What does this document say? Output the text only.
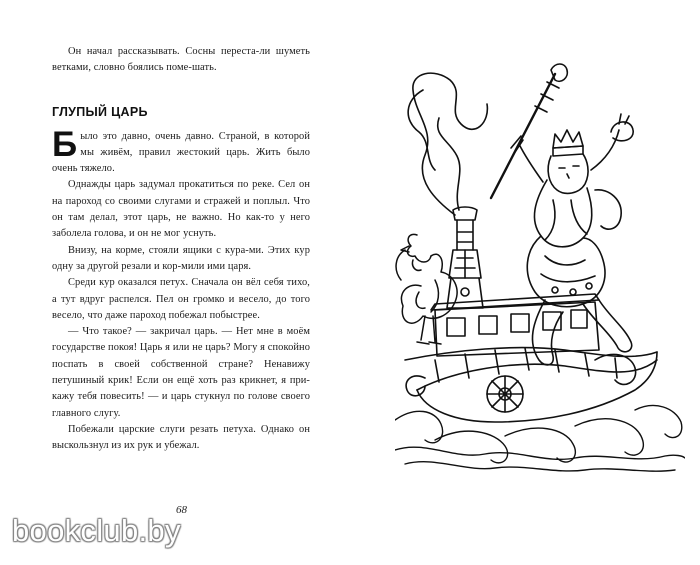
Он начал рассказывать. Сосны переста-ли шуметь ветками, словно боялись поме-шать.

ГЛУПЫЙ ЦАРЬ

Было это давно, очень давно. Страной, в которой мы живём, правил жестокий царь. Жить было очень тяжело.

Однажды царь задумал прокатиться по реке. Сел он на пароход со своими слугами и стражей и поплыл. Что он там делал, этот царь, не важно. Но как-то у него заболела голова, и он не мог уснуть.

Внизу, на корме, стояли ящики с кура-ми. Этих кур одну за другой резали и кор-мили ими царя.

Среди кур оказался петух. Сначала он вёл себя тихо, а тут вдруг распелся. Пел он громко и весело, до того весело, что даже пароход побежал побыстрее.

— Что такое? — закричал царь. — Нет мне в моём государстве покоя! Царь я или не царь? Могу я спокойно поспать в своей собственной стране? Ненавижу петушиный крик! Если он ещё хоть раз крикнет, я при-кажу тебя повесить! — и царь стукнул по голове своего главного слугу.

Побежали царские слуги резать петуха. Однако он выскользнул из их рук и убежал.

68
bookclub.by
